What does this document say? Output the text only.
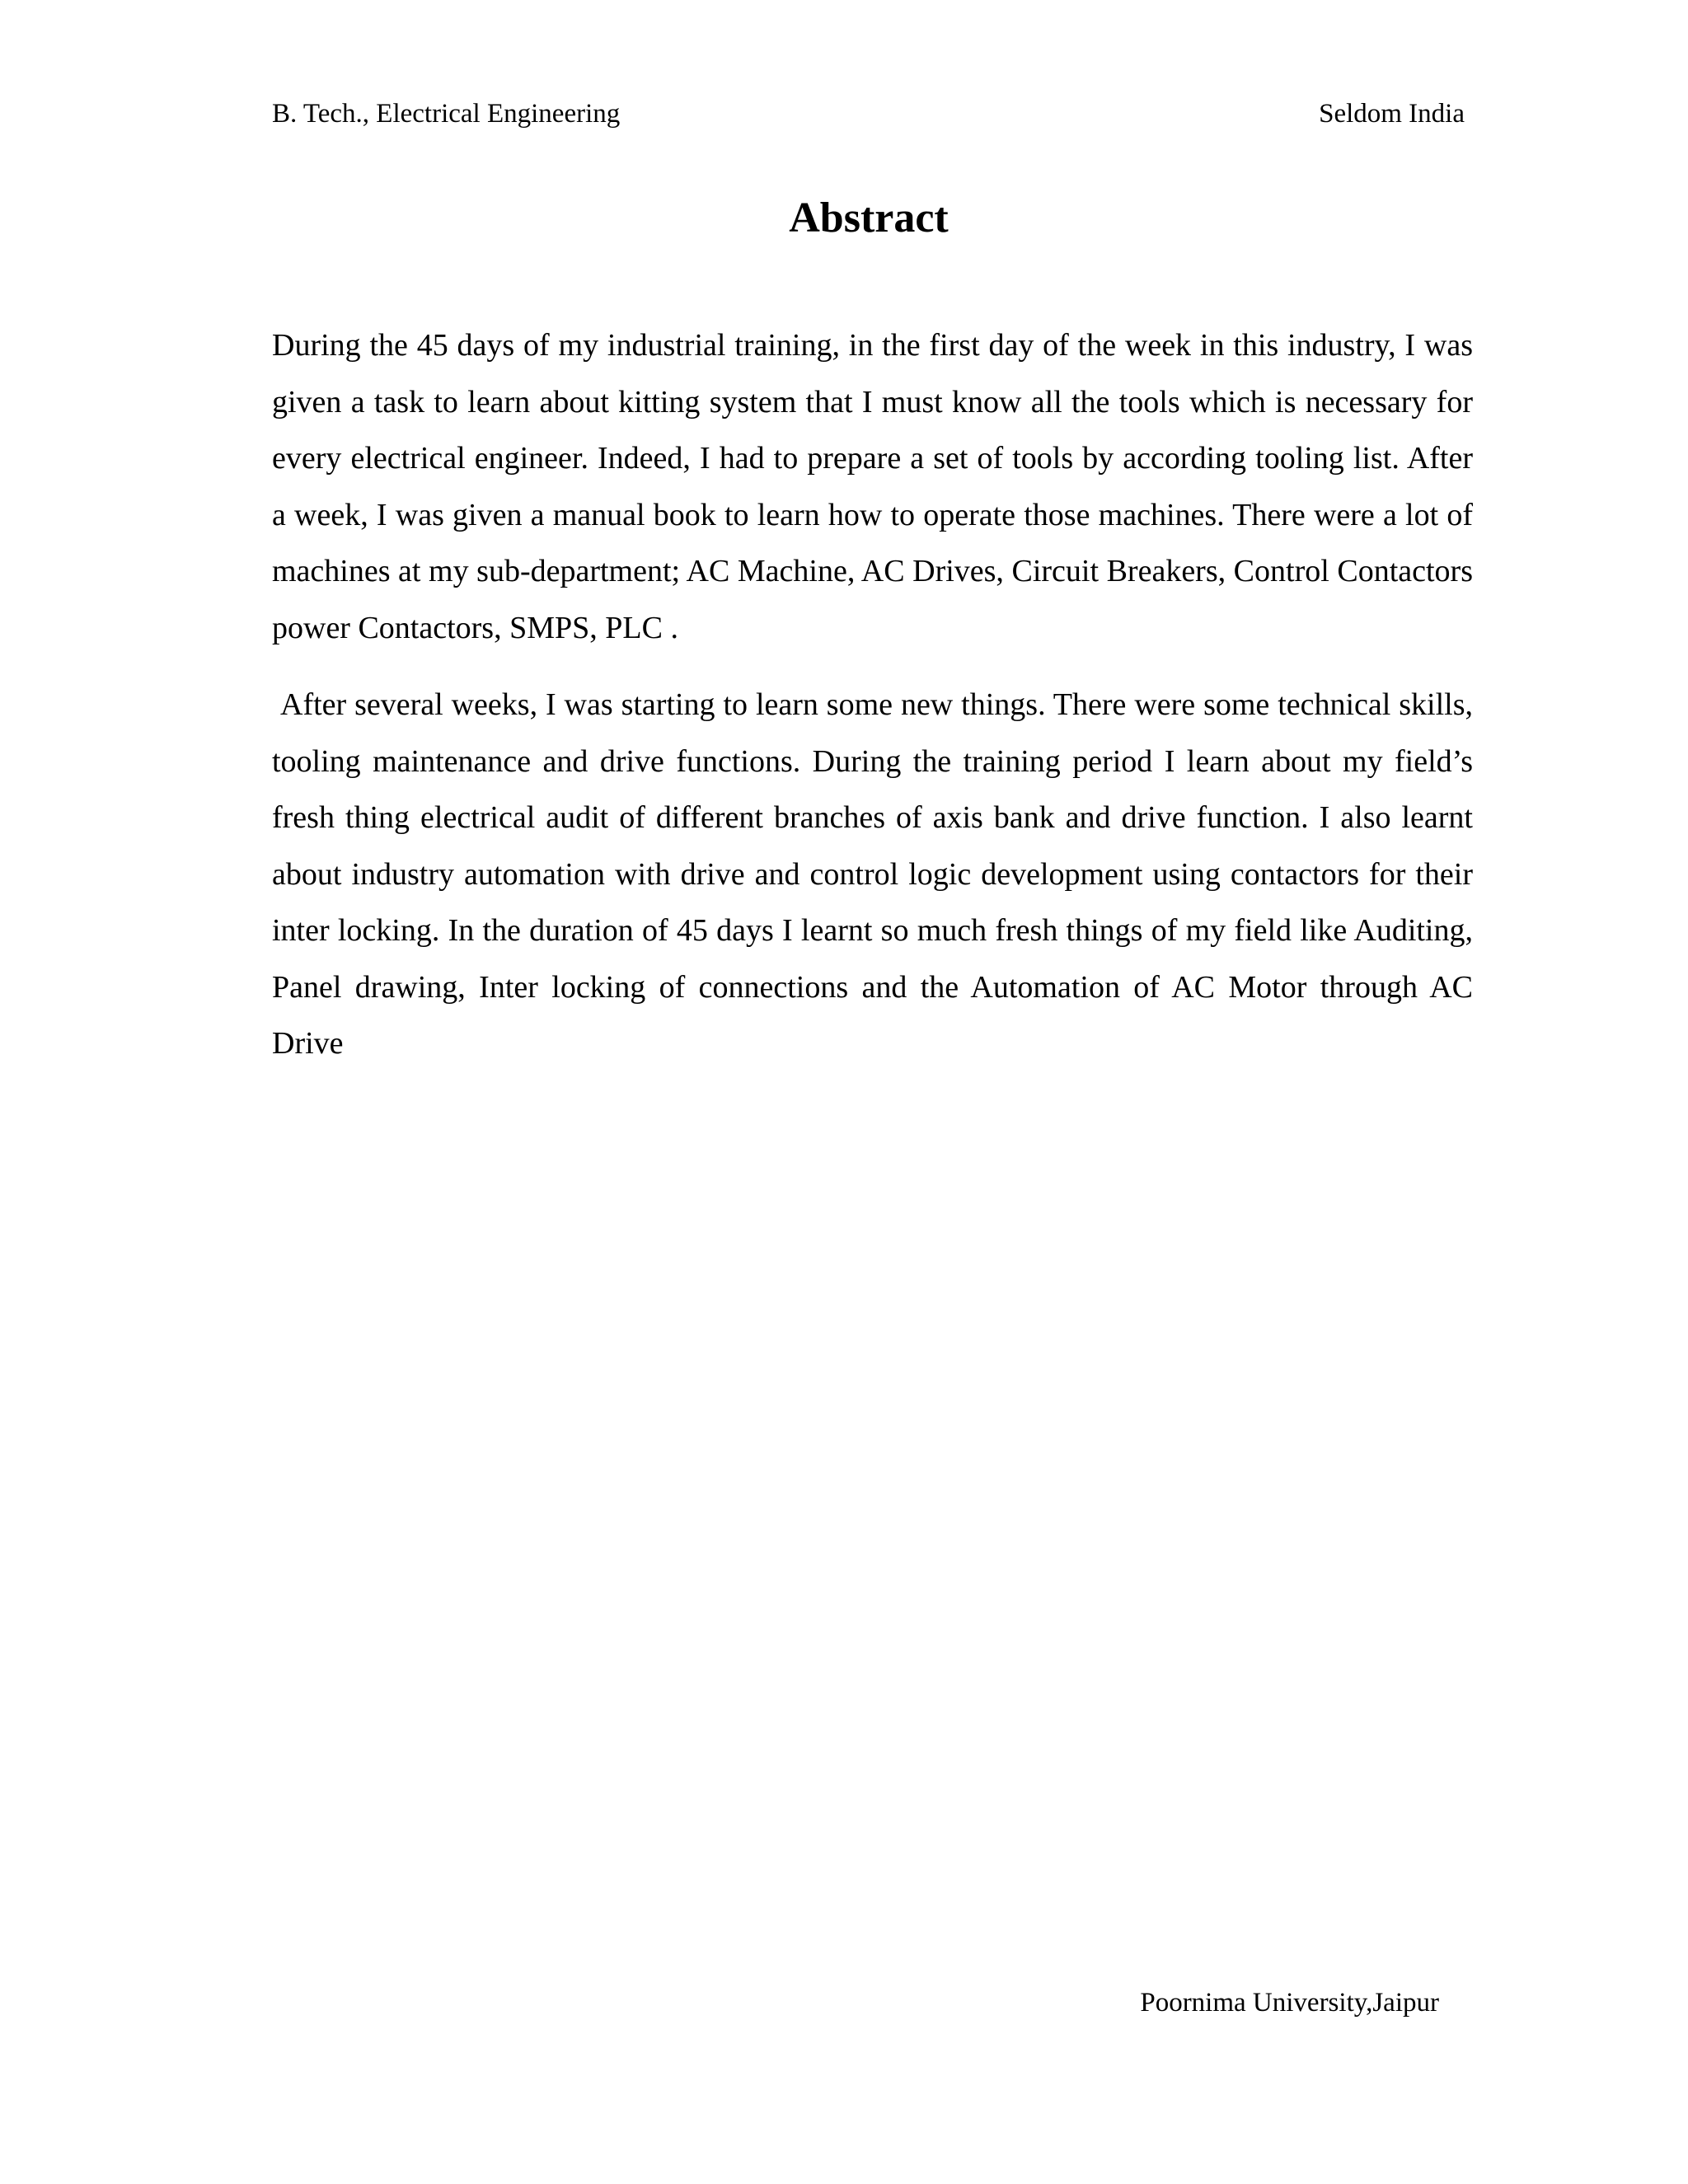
B. Tech., Electrical Engineering	Seldom India
Abstract

During the 45 days of my industrial training, in the first day of the week in this industry, I was given a task to learn about kitting system that I must know all the tools which is necessary for every electrical engineer. Indeed, I had to prepare a set of tools by according tooling list. After a week, I was given a manual book to learn how to operate those machines. There were a lot of machines at my sub-department; AC Machine, AC Drives, Circuit Breakers, Control Contactors power Contactors, SMPS, PLC .

After several weeks, I was starting to learn some new things. There were some technical skills, tooling maintenance and drive functions. During the training period I learn about my field’s fresh thing electrical audit of different branches of axis bank and drive function. I also learnt about industry automation with drive and control logic development using contactors for their inter locking. In the duration of 45 days I learnt so much fresh things of my field like Auditing, Panel drawing, Inter locking of connections and the Automation of AC Motor through AC Drive

Poornima University,Jaipur
